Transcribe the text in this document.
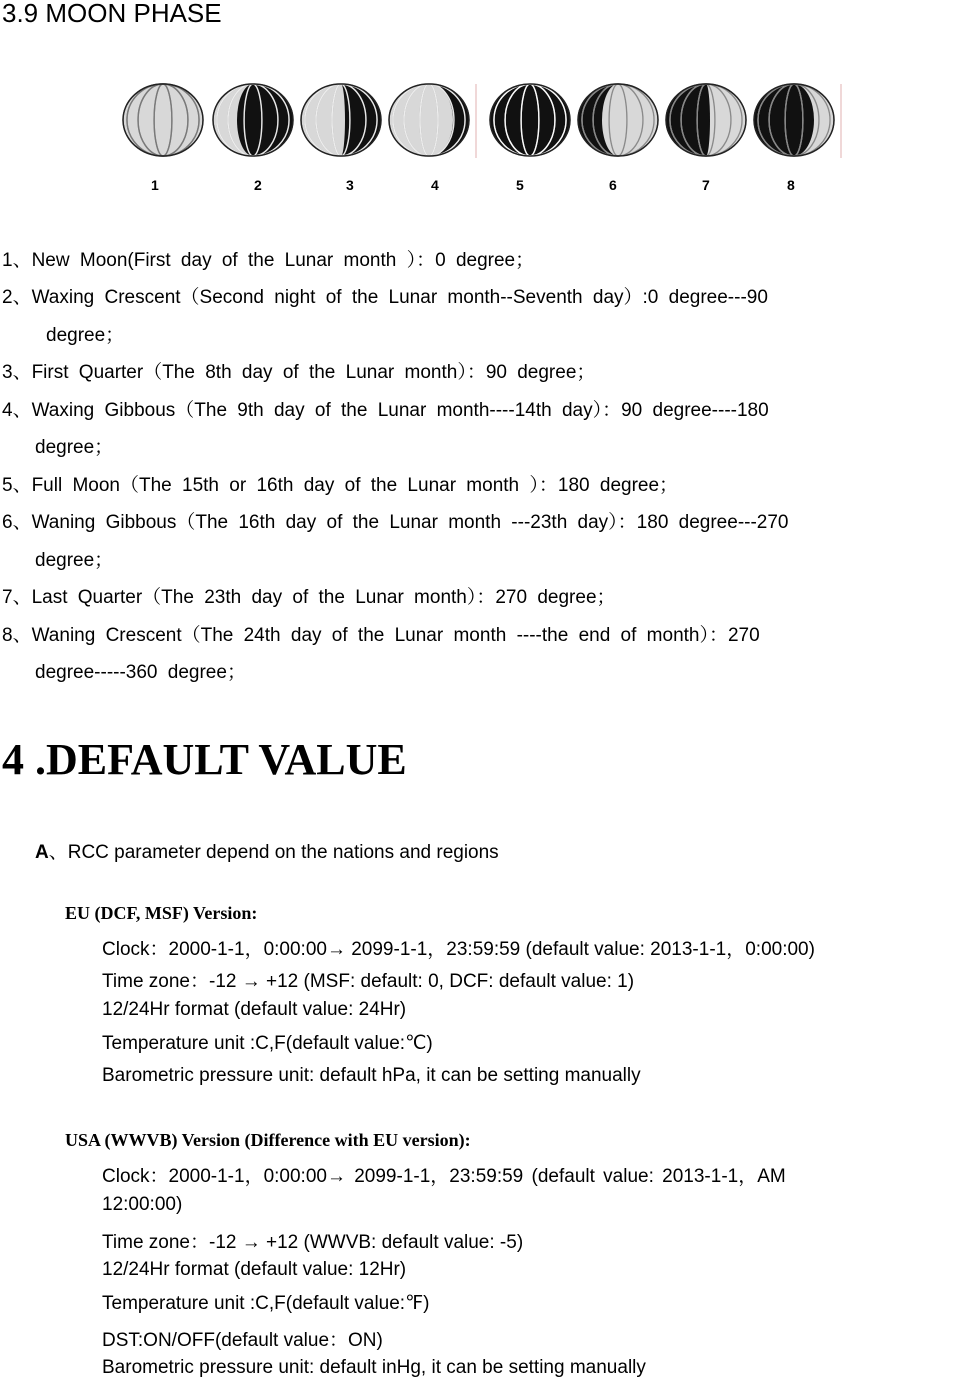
3.9 MOON PHASE
1	2	3	4	5	6	7	8
1、New Moon(First day of the Lunar month ）：0 degree；
2、Waxing Crescent（Second night of the Lunar month--Seventh day）:0 degree---90
degree；
3、First Quarter（The 8th day of the Lunar month）：90 degree；
4、Waxing Gibbous（The 9th day of the Lunar month----14th day）：90 degree----180
degree；
5、Full Moon（The 15th or 16th day of the Lunar month ）：180 degree；
6、Waning Gibbous（The 16th day of the Lunar month ---23th day）：180 degree---270
degree；
7、Last Quarter（The 23th day of the Lunar month）：270 degree；
8、Waning Crescent（The 24th day of the Lunar month ----the end of month）：270
degree-----360 degree；
4 .DEFAULT VALUE
A、RCC parameter depend on the nations and regions
EU (DCF, MSF) Version:
Clock：2000-1-1，0:00:00→ 2099-1-1，23:59:59 (default value: 2013-1-1，0:00:00)
Time zone：-12 → +12 (MSF: default: 0, DCF: default value: 1)
12/24Hr format (default value: 24Hr)
Temperature unit :C,F(default value:℃)
Barometric pressure unit: default hPa, it can be setting manually
USA (WWVB) Version (Difference with EU version):
Clock：2000-1-1，0:00:00→ 2099-1-1，23:59:59 (default value: 2013-1-1，AM
12:00:00)
Time zone：-12 → +12 (WWVB: default value: -5)
12/24Hr format (default value: 12Hr)
Temperature unit :C,F(default value:℉)
DST:ON/OFF(default value：ON)
Barometric pressure unit: default inHg, it can be setting manually
